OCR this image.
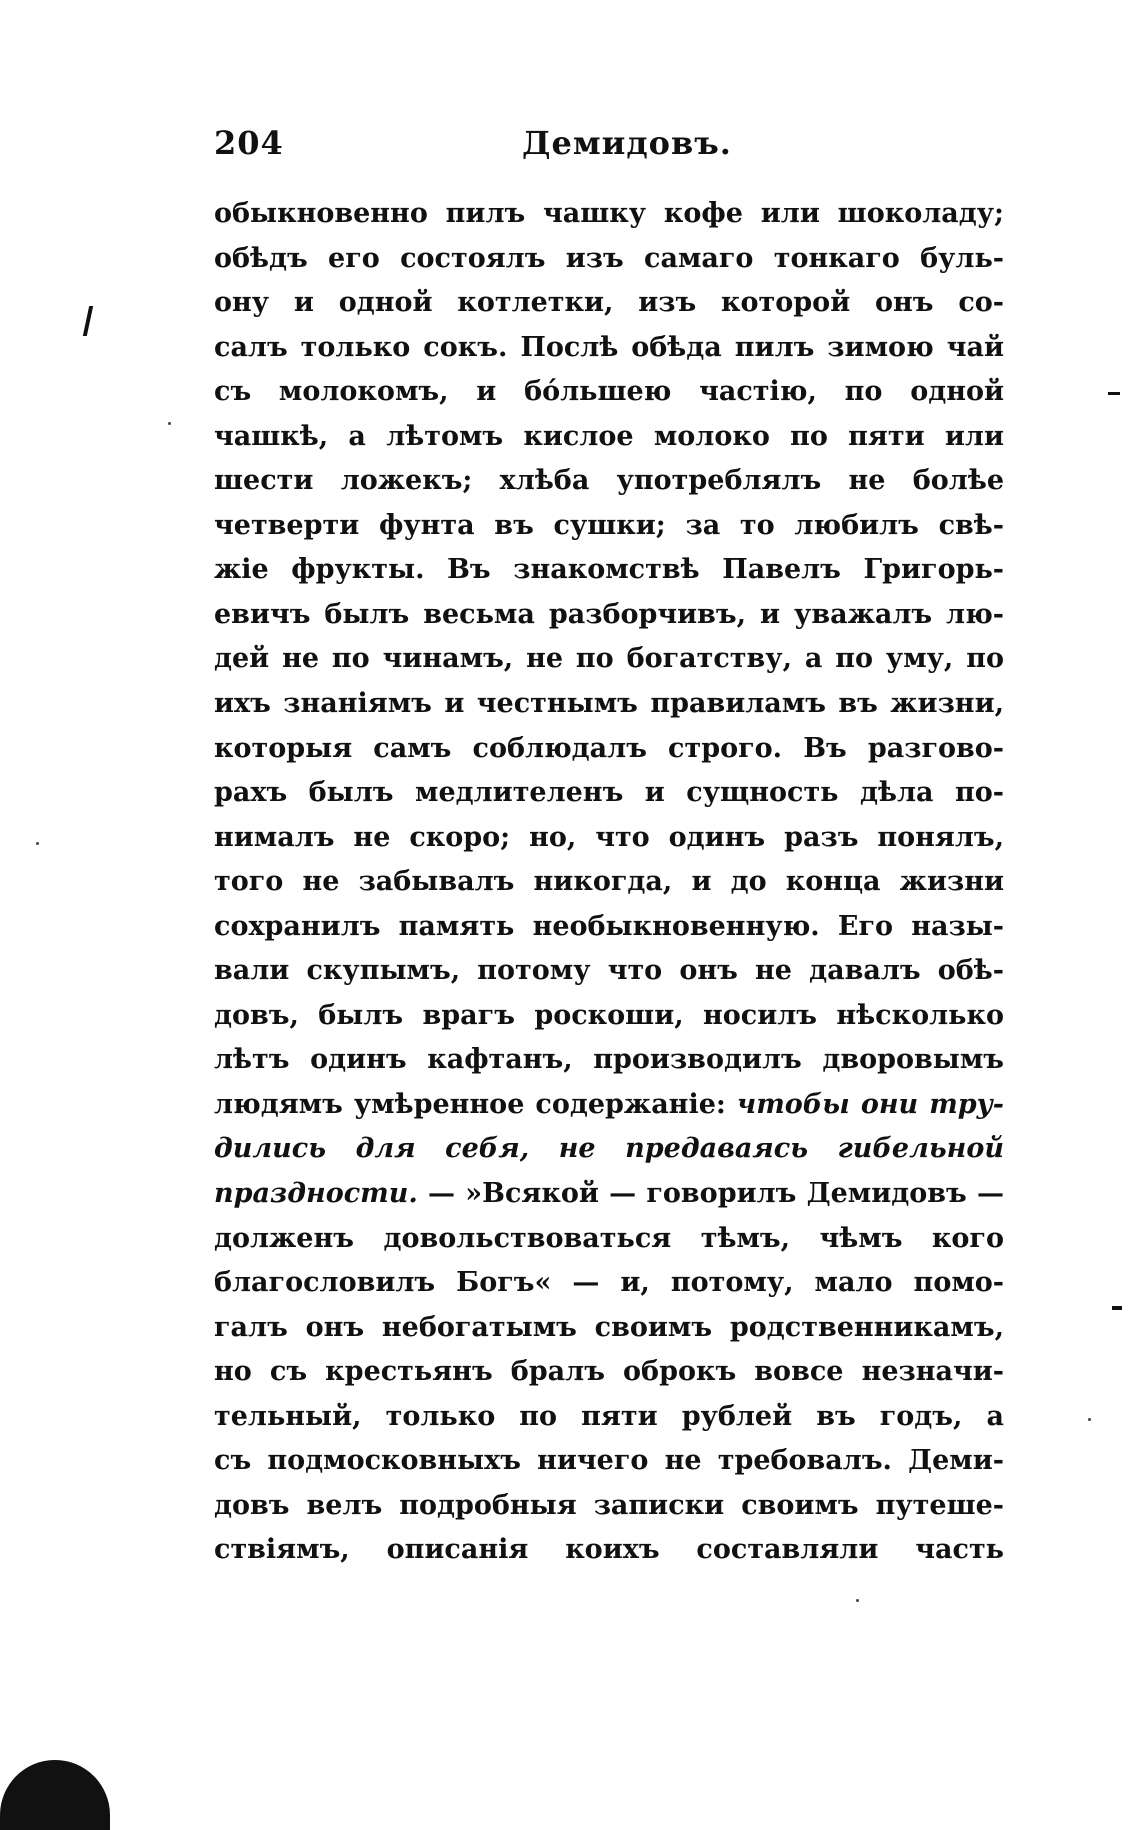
204	Демидовъ.
обыкновенно пилъ чашку кофе или шоколаду;
обѣдъ его состоялъ изъ самаго тонкаго буль-
ону и одной котлетки, изъ которой онъ со-
салъ только сокъ. Послѣ обѣда пилъ зимою чай
съ молокомъ, и бóльшею частію, по одной
чашкѣ, а лѣтомъ кислое молоко по пяти или
шести ложекъ; хлѣба употреблялъ не болѣе
четверти фунта въ сушки; за то любилъ свѣ-
жіе фрукты. Въ знакомствѣ Павелъ Григорь-
евичъ былъ весьма разборчивъ, и уважалъ лю-
дей не по чинамъ, не по богатству, а по уму, по
ихъ знаніямъ и честнымъ правиламъ въ жизни,
которыя самъ соблюдалъ строго. Въ разгово-
рахъ былъ медлителенъ и сущность дѣла по-
нималъ не скоро; но, что одинъ разъ понялъ,
того не забывалъ никогда, и до конца жизни
сохранилъ память необыкновенную. Его назы-
вали скупымъ, потому что онъ не давалъ обѣ-
довъ, былъ врагъ роскоши, носилъ нѣсколько
лѣтъ одинъ кафтанъ, производилъ дворовымъ
людямъ умѣренное содержаніе: чтобы они тру-
дились для себя, не предаваясь гибельной
праздности. — »Всякой — говорилъ Демидовъ —
долженъ довольствоваться тѣмъ, чѣмъ кого
благословилъ Богъ« — и, потому, мало помо-
галъ онъ небогатымъ своимъ родственникамъ,
но съ крестьянъ бралъ оброкъ вовсе незначи-
тельный, только по пяти рублей въ годъ, а
съ подмосковныхъ ничего не требовалъ. Деми-
довъ велъ подробныя записки своимъ путеше-
ствіямъ, описанія коихъ составляли часть
